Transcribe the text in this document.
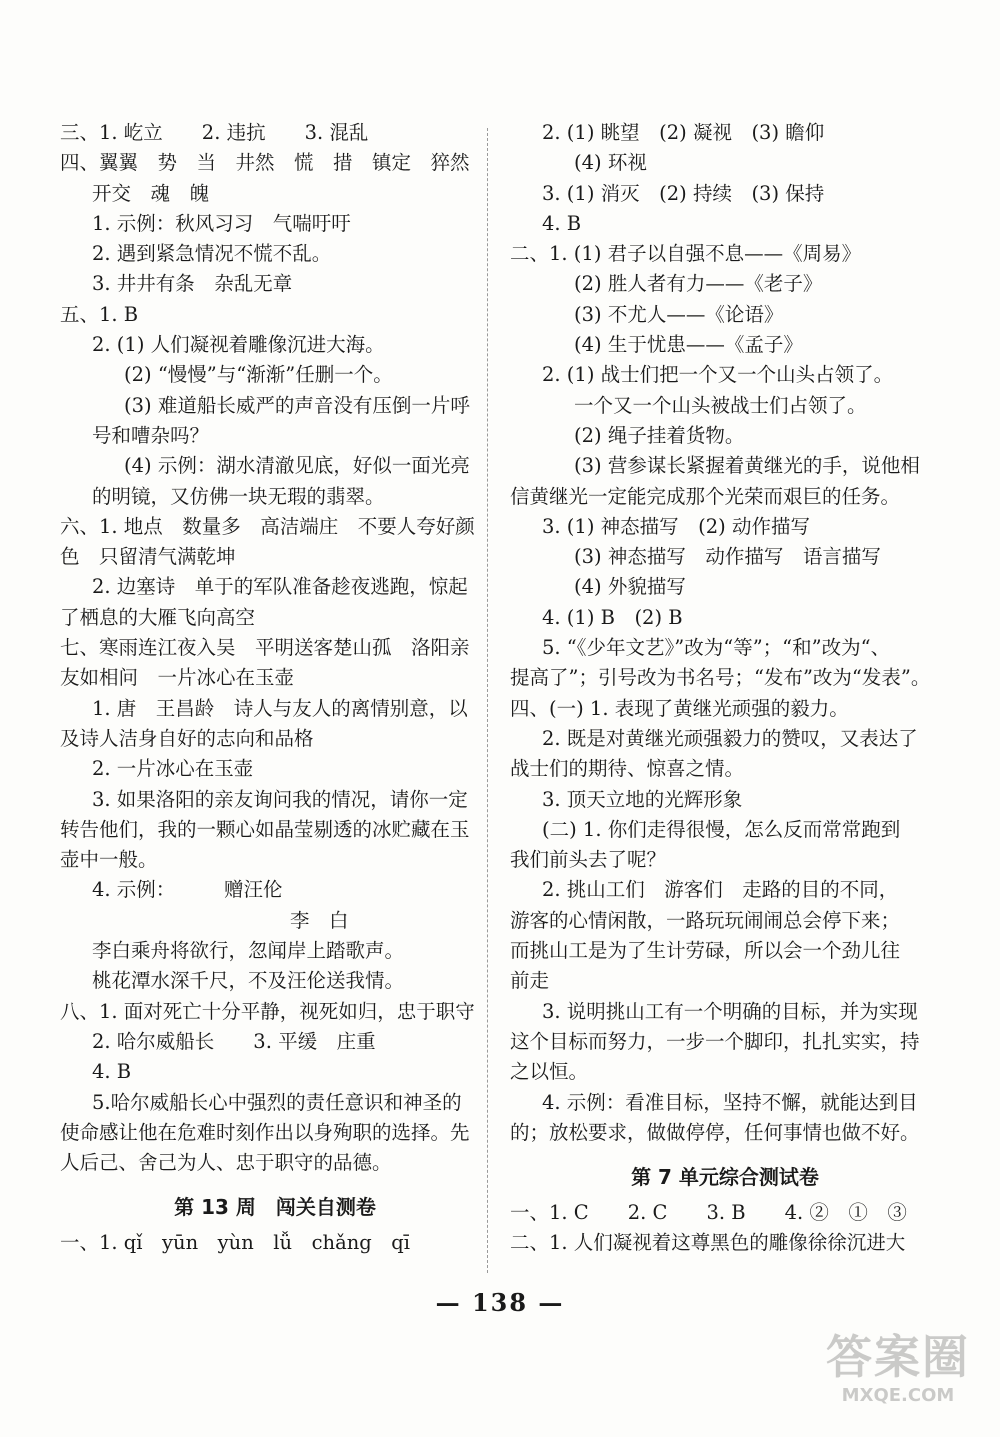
三、1. 屹立　　2. 违抗　　3. 混乱
四、翼翼　势　当　井然　慌　措　镇定　猝然
开交　魂　魄
1. 示例：秋风习习　气喘吁吁
2. 遇到紧急情况不慌不乱。
3. 井井有条　杂乱无章
五、1. B
2. (1) 人们凝视着雕像沉进大海。
(2) “慢慢”与“渐渐”任删一个。
(3) 难道船长威严的声音没有压倒一片呼
号和嘈杂吗？
(4) 示例：湖水清澈见底，好似一面光亮
的明镜，又仿佛一块无瑕的翡翠。
六、1. 地点　数量多　高洁端庄　不要人夸好颜
色　只留清气满乾坤
2. 边塞诗　单于的军队准备趁夜逃跑，惊起
了栖息的大雁飞向高空
七、寒雨连江夜入吴　平明送客楚山孤　洛阳亲
友如相问　一片冰心在玉壶
1. 唐　王昌龄　诗人与友人的离情别意，以
及诗人洁身自好的志向和品格
2. 一片冰心在玉壶
3. 如果洛阳的亲友询问我的情况，请你一定
转告他们，我的一颗心如晶莹剔透的冰贮藏在玉
壶中一般。
4. 示例：　　　赠汪伦
李　白
李白乘舟将欲行，忽闻岸上踏歌声。
桃花潭水深千尺，不及汪伦送我情。
八、1. 面对死亡十分平静，视死如归，忠于职守
2. 哈尔威船长　　3. 平缓　庄重
4. B
5.哈尔威船长心中强烈的责任意识和神圣的
使命感让他在危难时刻作出以身殉职的选择。先
人后己、舍己为人、忠于职守的品德。
第 13 周　闯关自测卷
一、1. qǐ　yūn　yùn　lǚ　chǎng　qī
2. (1) 眺望　(2) 凝视　(3) 瞻仰
(4) 环视
3. (1) 消灭　(2) 持续　(3) 保持
4. B
二、1. (1) 君子以自强不息——《周易》
(2) 胜人者有力——《老子》
(3) 不尤人——《论语》
(4) 生于忧患——《孟子》
2. (1) 战士们把一个又一个山头占领了。
一个又一个山头被战士们占领了。
(2) 绳子挂着货物。
(3) 营参谋长紧握着黄继光的手，说他相
信黄继光一定能完成那个光荣而艰巨的任务。
3. (1) 神态描写　(2) 动作描写
(3) 神态描写　动作描写　语言描写
(4) 外貌描写
4. (1) B　(2) B
5. “《少年文艺》”改为“等”；“和”改为“、
提高了”；引号改为书名号；“发布”改为“发表”。
四、(一) 1. 表现了黄继光顽强的毅力。
2. 既是对黄继光顽强毅力的赞叹，又表达了
战士们的期待、惊喜之情。
3. 顶天立地的光辉形象
(二) 1. 你们走得很慢，怎么反而常常跑到
我们前头去了呢？
2. 挑山工们　游客们　走路的目的不同，
游客的心情闲散，一路玩玩闹闹总会停下来；
而挑山工是为了生计劳碌，所以会一个劲儿往
前走
3. 说明挑山工有一个明确的目标，并为实现
这个目标而努力，一步一个脚印，扎扎实实，持
之以恒。
4. 示例：看准目标，坚持不懈，就能达到目
的；放松要求，做做停停，任何事情也做不好。
第 7 单元综合测试卷
一、1. C　　2. C　　3. B　　4. ②　①　③
二、1. 人们凝视着这尊黑色的雕像徐徐沉进大
— 138 —
答案圈
MXQE.COM
